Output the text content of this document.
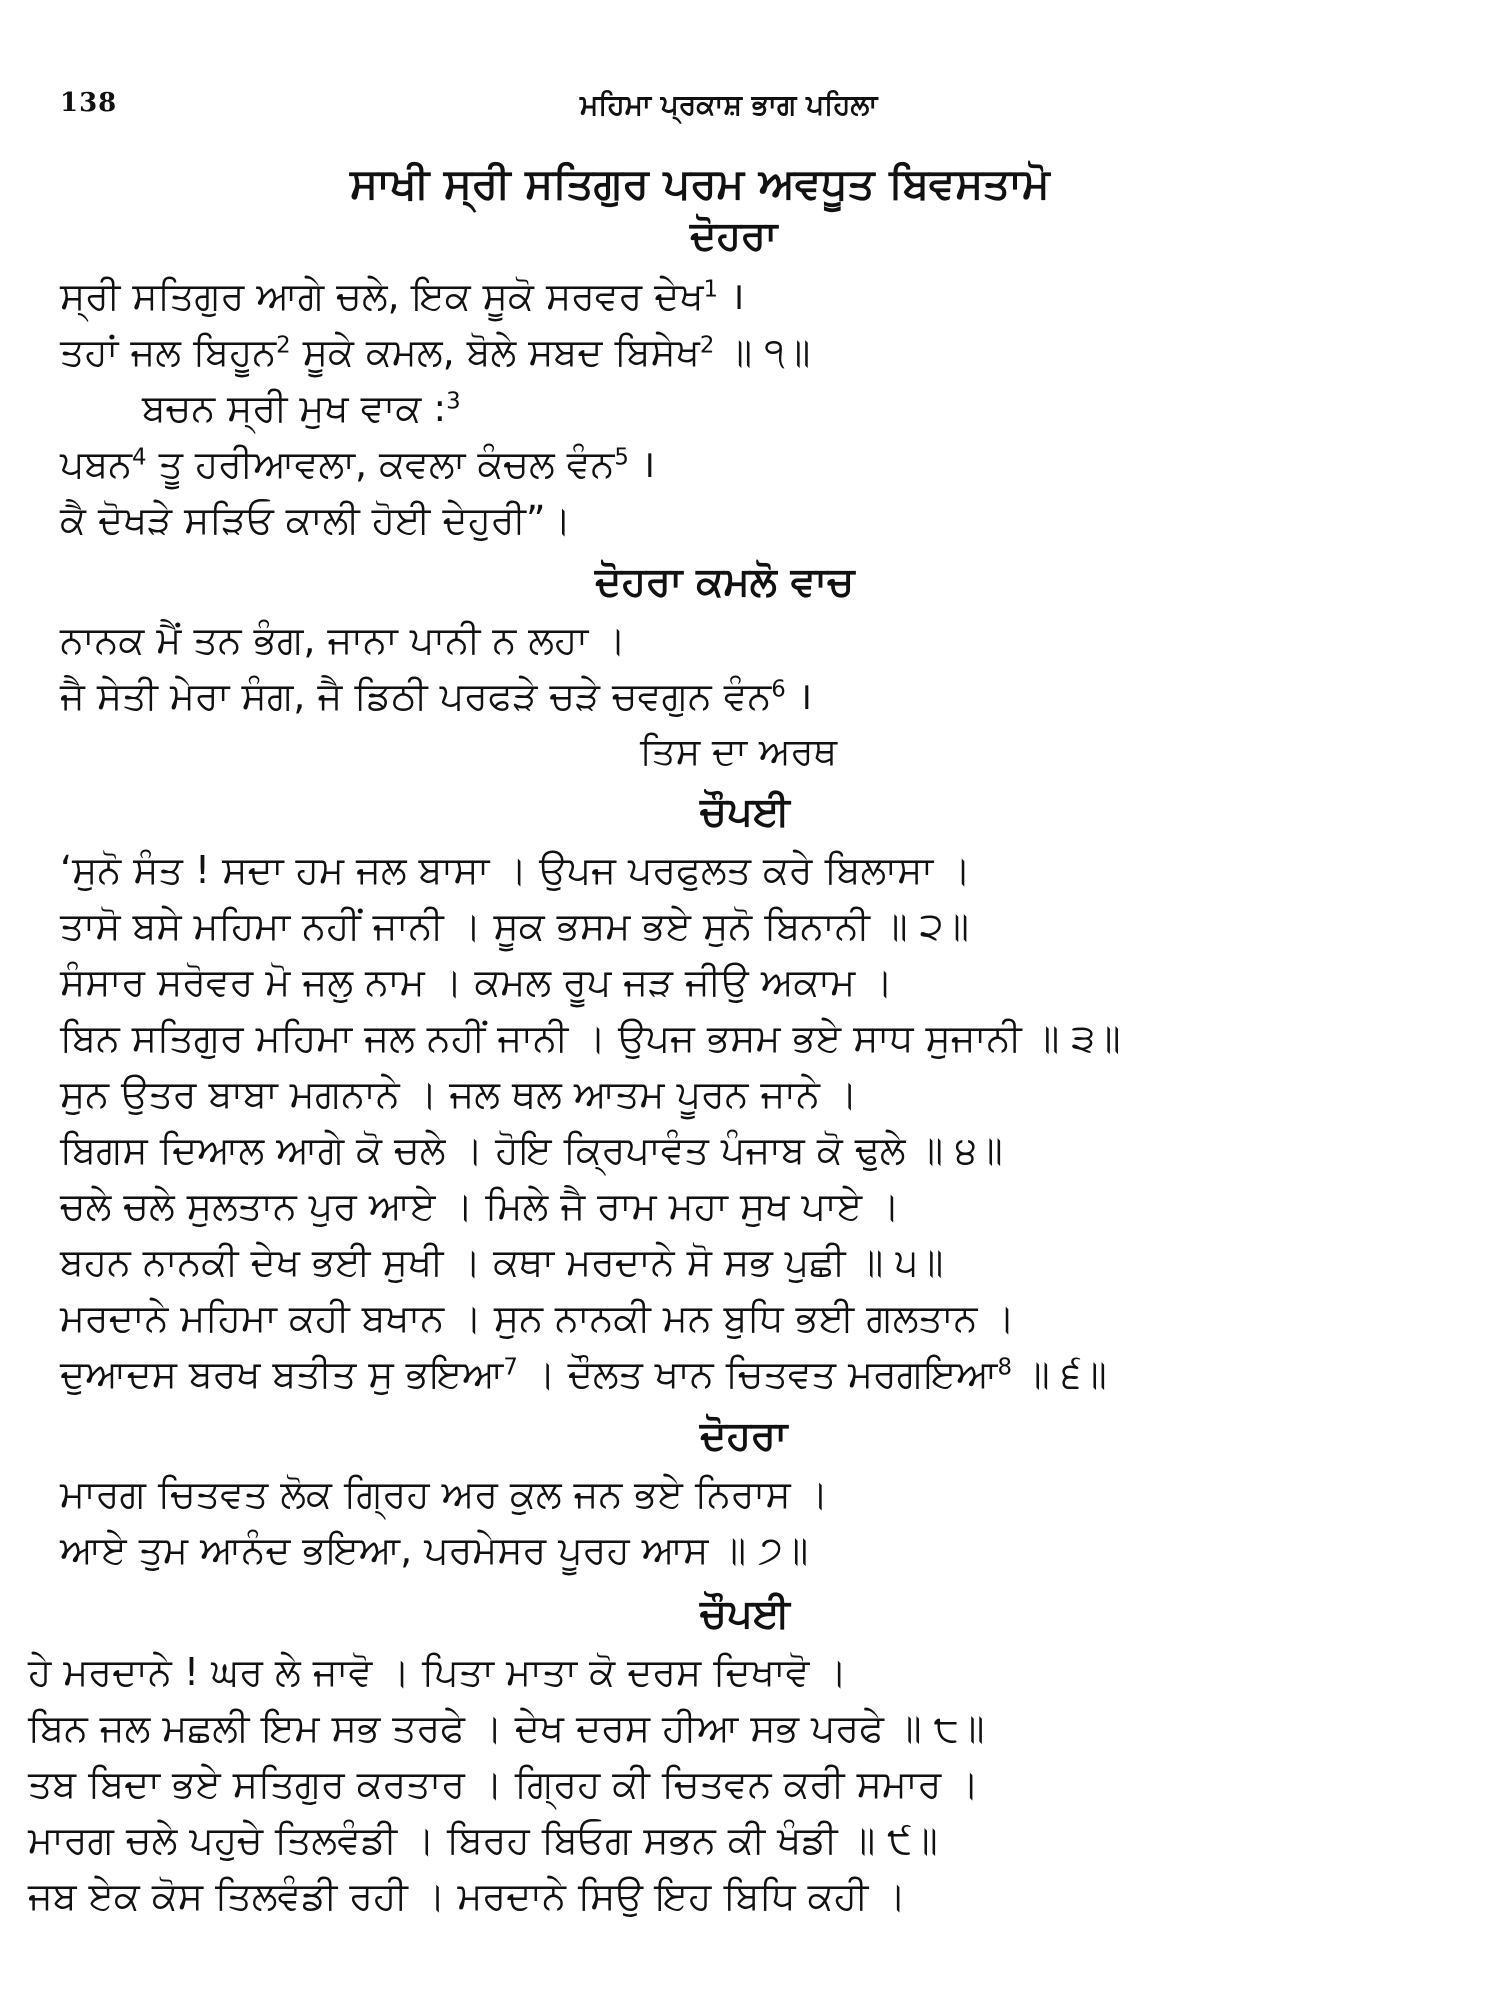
138	ਮਹਿਮਾ ਪ੍ਰਕਾਸ਼ ਭਾਗ ਪਹਿਲਾ
ਸਾਖੀ ਸ੍ਰੀ ਸਤਿਗੁਰ ਪਰਮ ਅਵਧੂਤ ਬਿਵਸਤਾਮੋ
ਦੋਹਰਾ
ਸ੍ਰੀ ਸਤਿਗੁਰ ਆਗੇ ਚਲੇ, ਇਕ ਸੂਕੋ ਸਰਵਰ ਦੇਖ$^1$ ।
ਤਹਾਂ ਜਲ ਬਿਹੂਨ$^2$ ਸੂਕੇ ਕਮਲ, ਬੋਲੇ ਸਬਦ ਬਿਸੇਖ$^2$ ॥ ੧॥
ਬਚਨ ਸ੍ਰੀ ਮੁਖ ਵਾਕ :$^3$
ਪਬਨ$^4$ ਤੂ ਹਰੀਆਵਲਾ, ਕਵਲਾ ਕੰਚਲ ਵੰਨ$^5$ ।
ਕੈ ਦੋਖੜੇ ਸੜਿਓ ਕਾਲੀ ਹੋਈ ਦੇਹੁਰੀ”।
ਦੋਹਰਾ ਕਮਲੋ ਵਾਚ
ਨਾਨਕ ਮੈਂ ਤਨ ਭੰਗ, ਜਾਨਾ ਪਾਨੀ ਨ ਲਹਾ ।
ਜੈ ਸੇਤੀ ਮੇਰਾ ਸੰਗ, ਜੈ ਡਿਠੀ ਪਰਫੜੇ ਚੜੇ ਚਵਗੁਨ ਵੰਨ$^6$ ।
ਤਿਸ ਦਾ ਅਰਥ
ਚੌਪਈ
‘ਸੁਨੋ ਸੰਤ ! ਸਦਾ ਹਮ ਜਲ ਬਾਸਾ । ਉਪਜ ਪਰਫੁਲਤ ਕਰੇ ਬਿਲਾਸਾ ।
ਤਾਸੋ ਬਸੇ ਮਹਿਮਾ ਨਹੀਂ ਜਾਨੀ । ਸੂਕ ਭਸਮ ਭਏ ਸੁਨੋ ਬਿਨਾਨੀ ॥ ੨॥
ਸੰਸਾਰ ਸਰੋਵਰ ਮੋ ਜਲੁ ਨਾਮ । ਕਮਲ ਰੂਪ ਜੜ ਜੀਉ ਅਕਾਮ ।
ਬਿਨ ਸਤਿਗੁਰ ਮਹਿਮਾ ਜਲ ਨਹੀਂ ਜਾਨੀ । ਉਪਜ ਭਸਮ ਭਏ ਸਾਧ ਸੁਜਾਨੀ ॥ ੩॥
ਸੁਨ ਉਤਰ ਬਾਬਾ ਮਗਨਾਨੇ । ਜਲ ਥਲ ਆਤਮ ਪੂਰਨ ਜਾਨੇ ।
ਬਿਗਸ ਦਿਆਲ ਆਗੇ ਕੋ ਚਲੇ । ਹੋਇ ਕ੍ਰਿਪਾਵੰਤ ਪੰਜਾਬ ਕੋ ਢੁਲੇ ॥ ੪॥
ਚਲੇ ਚਲੇ ਸੁਲਤਾਨ ਪੁਰ ਆਏ । ਮਿਲੇ ਜੈ ਰਾਮ ਮਹਾ ਸੁਖ ਪਾਏ ।
ਬਹਨ ਨਾਨਕੀ ਦੇਖ ਭਈ ਸੁਖੀ । ਕਥਾ ਮਰਦਾਨੇ ਸੋ ਸਭ ਪੁਛੀ ॥ ੫॥
ਮਰਦਾਨੇ ਮਹਿਮਾ ਕਹੀ ਬਖਾਨ । ਸੁਨ ਨਾਨਕੀ ਮਨ ਬੁਧਿ ਭਈ ਗਲਤਾਨ ।
ਦੁਆਦਸ ਬਰਖ ਬਤੀਤ ਸੁ ਭਇਆ$^7$ । ਦੌਲਤ ਖਾਨ ਚਿਤਵਤ ਮਰਗਇਆ$^8$ ॥ ੬॥
ਦੋਹਰਾ
ਮਾਰਗ ਚਿਤਵਤ ਲੋਕ ਗ੍ਰਿਹ ਅਰ ਕੁਲ ਜਨ ਭਏ ਨਿਰਾਸ ।
ਆਏ ਤੁਮ ਆਨੰਦ ਭਇਆ, ਪਰਮੇਸਰ ਪੂਰਹ ਆਸ ॥ ੭॥
ਚੌਪਈ
ਹੇ ਮਰਦਾਨੇ ! ਘਰ ਲੇ ਜਾਵੋ । ਪਿਤਾ ਮਾਤਾ ਕੋ ਦਰਸ ਦਿਖਾਵੋ ।
ਬਿਨ ਜਲ ਮਛਲੀ ਇਮ ਸਭ ਤਰਫੇ । ਦੇਖ ਦਰਸ ਹੀਆ ਸਭ ਪਰਫੇ ॥ ੮॥
ਤਬ ਬਿਦਾ ਭਏ ਸਤਿਗੁਰ ਕਰਤਾਰ । ਗ੍ਰਿਹ ਕੀ ਚਿਤਵਨ ਕਰੀ ਸਮਾਰ ।
ਮਾਰਗ ਚਲੇ ਪਹੁਚੇ ਤਿਲਵੰਡੀ । ਬਿਰਹ ਬਿਓਗ ਸਭਨ ਕੀ ਖੰਡੀ ॥ ੯॥
ਜਬ ਏਕ ਕੋਸ ਤਿਲਵੰਡੀ ਰਹੀ । ਮਰਦਾਨੇ ਸਿਉ ਇਹ ਬਿਧਿ ਕਹੀ ।
